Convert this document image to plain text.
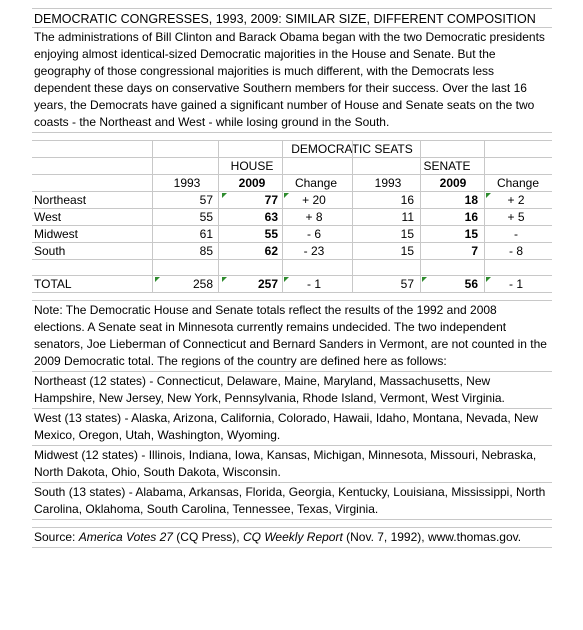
DEMOCRATIC CONGRESSES, 1993, 2009: SIMILAR SIZE, DIFFERENT COMPOSITION
The administrations of Bill Clinton and Barack Obama began with the two Democratic presidents enjoying almost identical-sized Democratic majorities in the House and Senate. But the geography of those congressional majorities is much different, with the Democrats less dependent these days on conservative Southern members for their success. Over the last 16 years, the Democrats have gained a significant number of House and Senate seats on the two coasts - the Northeast and West - while losing ground in the South.
DEMOCRATIC SEATS
HOUSE	SENATE
1993	2009	Change	1993	2009	Change
Northeast	57	77	+ 20	16	18	+ 2
West	55	63	+ 8	11	16	+ 5
Midwest	61	55	- 6	15	15	-
South	85	62	- 23	15	7	- 8
TOTAL	258	257	- 1	57	56	- 1
Note: The Democratic House and Senate totals reflect the results of the 1992 and 2008 elections. A Senate seat in Minnesota currently remains undecided. The two independent senators, Joe Lieberman of Connecticut and Bernard Sanders in Vermont, are not counted in the 2009 Democratic total. The regions of the country are defined here as follows:
Northeast (12 states) - Connecticut, Delaware, Maine, Maryland, Massachusetts, New Hampshire, New Jersey, New York, Pennsylvania, Rhode Island, Vermont, West Virginia.
West (13 states) - Alaska, Arizona, California, Colorado, Hawaii, Idaho, Montana, Nevada, New Mexico, Oregon, Utah, Washington, Wyoming.
Midwest (12 states) - Illinois, Indiana, Iowa, Kansas, Michigan, Minnesota, Missouri, Nebraska, North Dakota, Ohio, South Dakota, Wisconsin.
South (13 states) - Alabama, Arkansas, Florida, Georgia, Kentucky, Louisiana, Mississippi, North Carolina, Oklahoma, South Carolina, Tennessee, Texas, Virginia.
Source: America Votes 27 (CQ Press), CQ Weekly Report (Nov. 7, 1992), www.thomas.gov.
